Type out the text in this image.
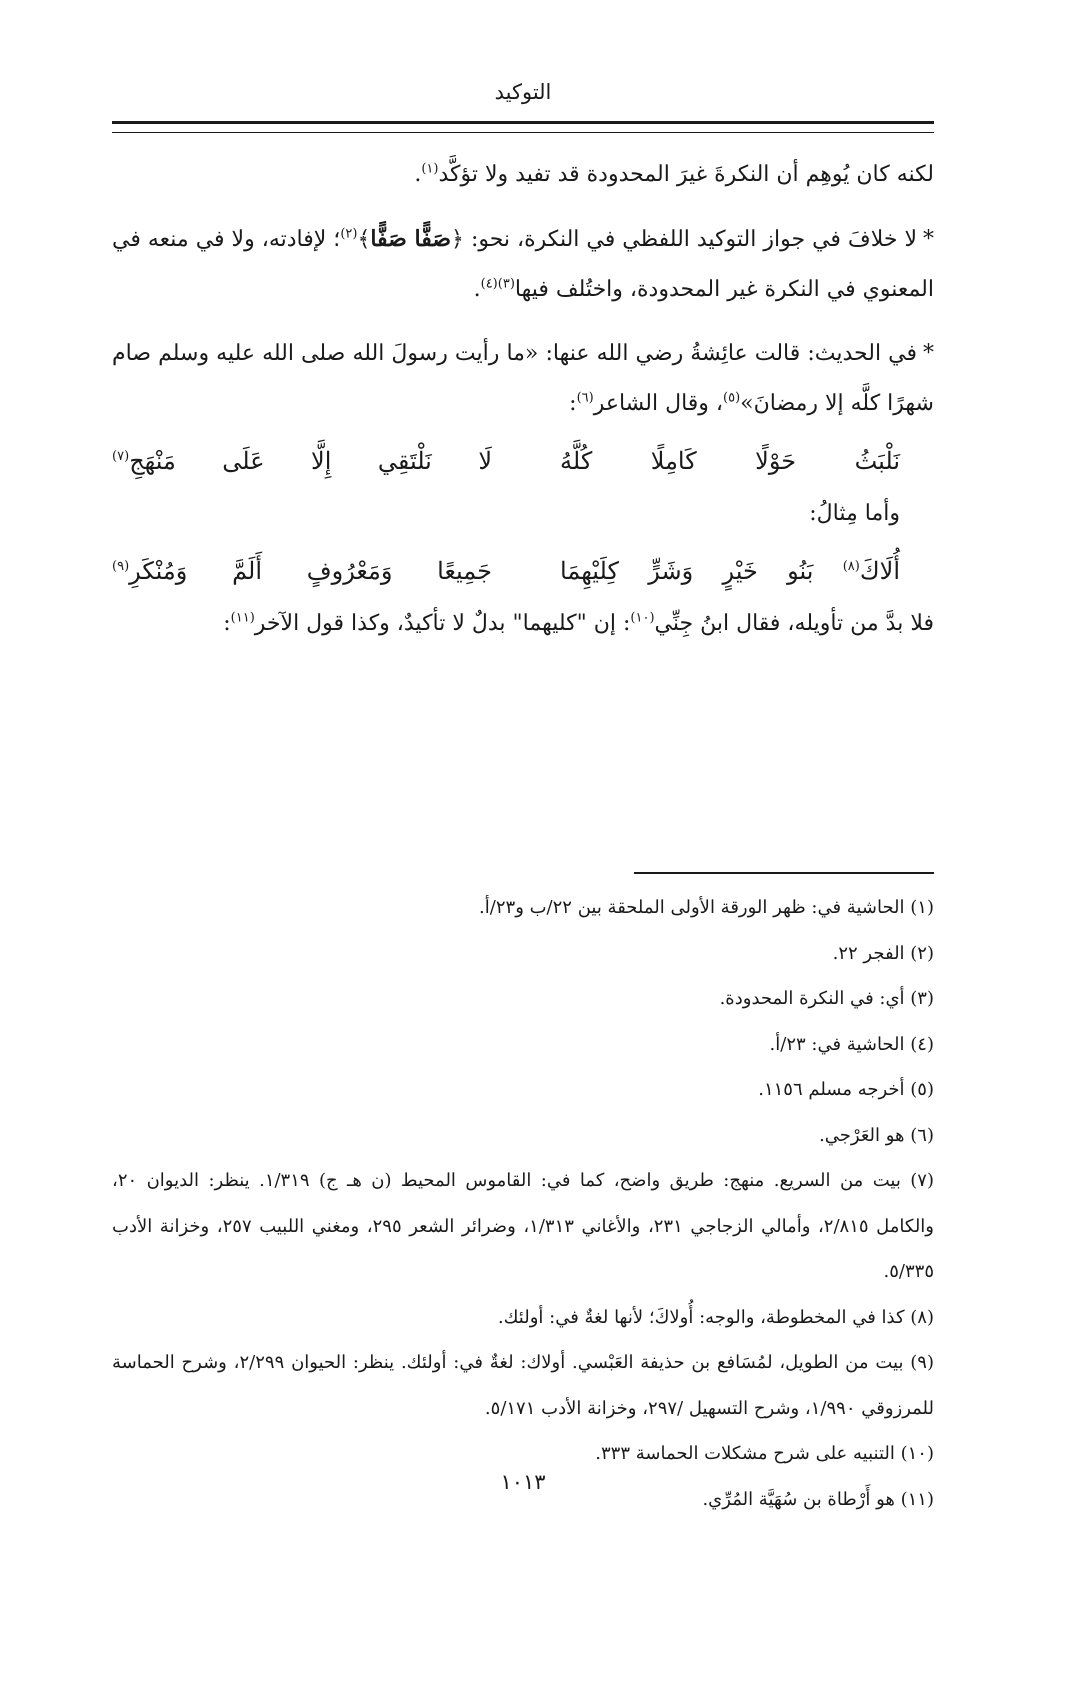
التوكيد

لكنه كان يُوهِم أن النكرةَ غيرَ المحدودة قد تفيد ولا تؤكَّد$^{(١)}$.

*لا خلافَ في جواز التوكيد اللفظي في النكرة، نحو: ﴿صَفًّا صَفًّا﴾$^{(٢)}$؛ لإفادته، ولا في منعه في المعنوي في النكرة غير المحدودة، واختُلف فيها$^{(٣)(٤)}$.

*في الحديث: قالت عائِشةُ رضي الله عنها: «ما رأيت رسولَ الله صلى الله عليه وسلم صام شهرًا كلَّه إلا رمضانَ»$^{(٥)}$، وقال الشاعر$^{(٦)}$:

نَلْبَثُ
حَوْلًا
كَامِلًا
كُلَّهُ
لَا
نَلْتَقِي
إِلَّا
عَلَى
مَنْهَجِ$^{(٧)}$

وأما مِثالُ:

أُلَاكَ$^{(٨)}$
بَنُو
خَيْرٍ
وَشَرٍّ
كِلَيْهِمَا
جَمِيعًا
وَمَعْرُوفٍ
أَلَمَّ
وَمُنْكَرِ$^{(٩)}$

فلا بدَّ من تأويله، فقال ابنُ جِنِّي$^{(١٠)}$: إن "كليهما" بدلٌ لا تأكيدٌ، وكذا قول الآخر$^{(١١)}$:

(١) الحاشية في: ظهر الورقة الأولى الملحقة بين ٢٢/ب و٢٣/أ.

(٢) الفجر ٢٢.

(٣) أي: في النكرة المحدودة.

(٤) الحاشية في: ٢٣/أ.

(٥) أخرجه مسلم ١١٥٦.

(٦) هو العَرْجي.

(٧) بيت من السريع. منهج: طريق واضح، كما في: القاموس المحيط (ن هـ ج) ١/٣١٩. ينظر: الديوان ٢٠، والكامل ٢/٨١٥، وأمالي الزجاجي ٢٣١، والأغاني ١/٣١٣، وضرائر الشعر ٢٩٥، ومغني اللبيب ٢٥٧، وخزانة الأدب ٥/٣٣٥.

(٨) كذا في المخطوطة، والوجه: أُولاكَ؛ لأنها لغةٌ في: أولئك.

(٩) بيت من الطويل، لمُسَافع بن حذيفة العَبْسي. أولاك: لغةٌ في: أولئك. ينظر: الحيوان ٢/٢٩٩، وشرح الحماسة للمرزوقي ١/٩٩٠، وشرح التسهيل /٢٩٧، وخزانة الأدب ٥/١٧١.

(١٠) التنبيه على شرح مشكلات الحماسة ٣٣٣.

(١١) هو أَرْطاة بن سُهَيَّة المُرِّي.

١٠١٣
